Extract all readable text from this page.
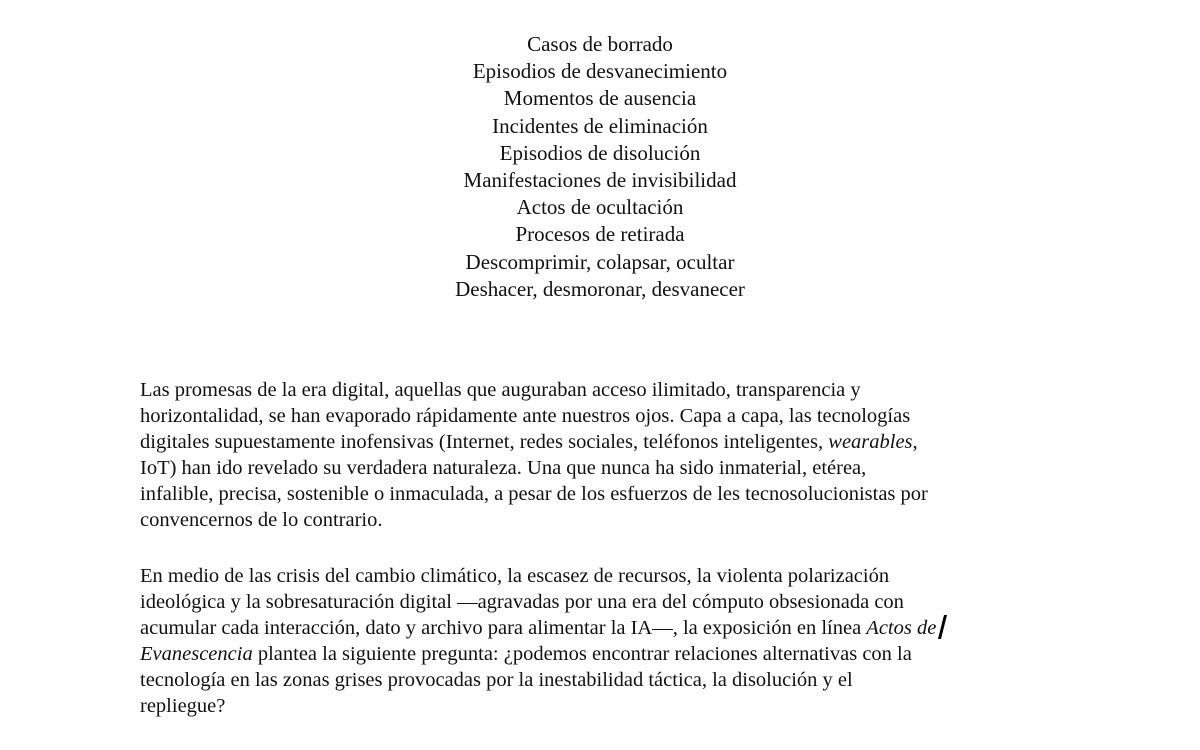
Casos de borrado
Episodios de desvanecimiento
Momentos de ausencia
Incidentes de eliminación
Episodios de disolución
Manifestaciones de invisibilidad
Actos de ocultación
Procesos de retirada
Descomprimir, colapsar, ocultar
Deshacer, desmoronar, desvanecer

Las promesas de la era digital, aquellas que auguraban acceso ilimitado, transparencia y
horizontalidad, se han evaporado rápidamente ante nuestros ojos. Capa a capa, las tecnologías
digitales supuestamente inofensivas (Internet, redes sociales, teléfonos inteligentes, wearables,
IoT) han ido revelado su verdadera naturaleza. Una que nunca ha sido inmaterial, etérea,
infalible, precisa, sostenible o inmaculada, a pesar de los esfuerzos de les tecnosolucionistas por
convencernos de lo contrario.

En medio de las crisis del cambio climático, la escasez de recursos, la violenta polarización
ideológica y la sobresaturación digital —agravadas por una era del cómputo obsesionada con
acumular cada interacción, dato y archivo para alimentar la IA—, la exposición en línea Actos de
Evanescencia plantea la siguiente pregunta: ¿podemos encontrar relaciones alternativas con la
tecnología en las zonas grises provocadas por la inestabilidad táctica, la disolución y el
repliegue?
